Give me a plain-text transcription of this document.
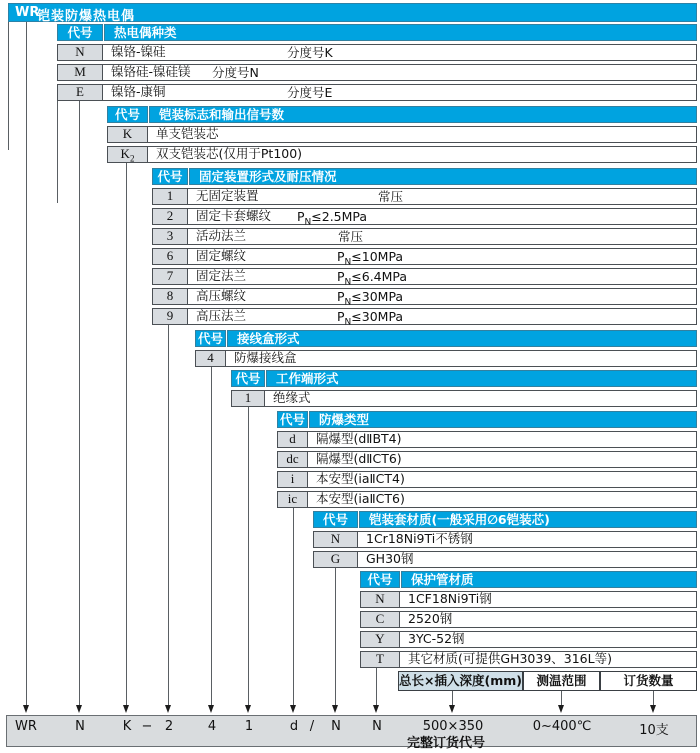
WR
铠装防爆热电偶
代号	热电偶种类
N	镍铬-镍硅	分度号K
M	镍铬硅-镍硅镁 分度号N
E	镍铬-康铜	分度号E
代号	铠装标志和输出信号数
K	单支铠装芯
$K_2$	双支铠装芯(仅用于Pt100)
代号	固定装置形式及耐压情况
1	无固定装置	常压
2	固定卡套螺纹 $P_N\le 2.5MPa$
3	活动法兰	常压
6	固定螺纹	$P_N\le 10MPa$
7	固定法兰	$P_N\le 6.4MPa$
8	高压螺纹	$P_N\le 30MPa$
9	高压法兰	$P_N\le 30MPa$
代号	接线盒形式
4	防爆接线盒
代号	工作端形式
1	绝缘式
代号	防爆类型
d	隔爆型(dⅡBT4)
dc	隔爆型(dⅡCT6)
i	本安型(iaⅡCT4)
ic	本安型(iaⅡCT6)
代号	铠装套材质(一般采用∅6铠装芯)
N	1Cr18Ni9Ti不锈钢
G	GH30钢
代号	保护管材质
N	1CF18Ni9Ti钢
C	2520钢
Y	3YC-52钢
T	其它材质(可提供GH3039、316L等)
总长×插入深度(mm)	测温范围	订货数量
WR	N	K − 2	4 1	d / N N	500×350	0~400℃	10支
完整订货代号
